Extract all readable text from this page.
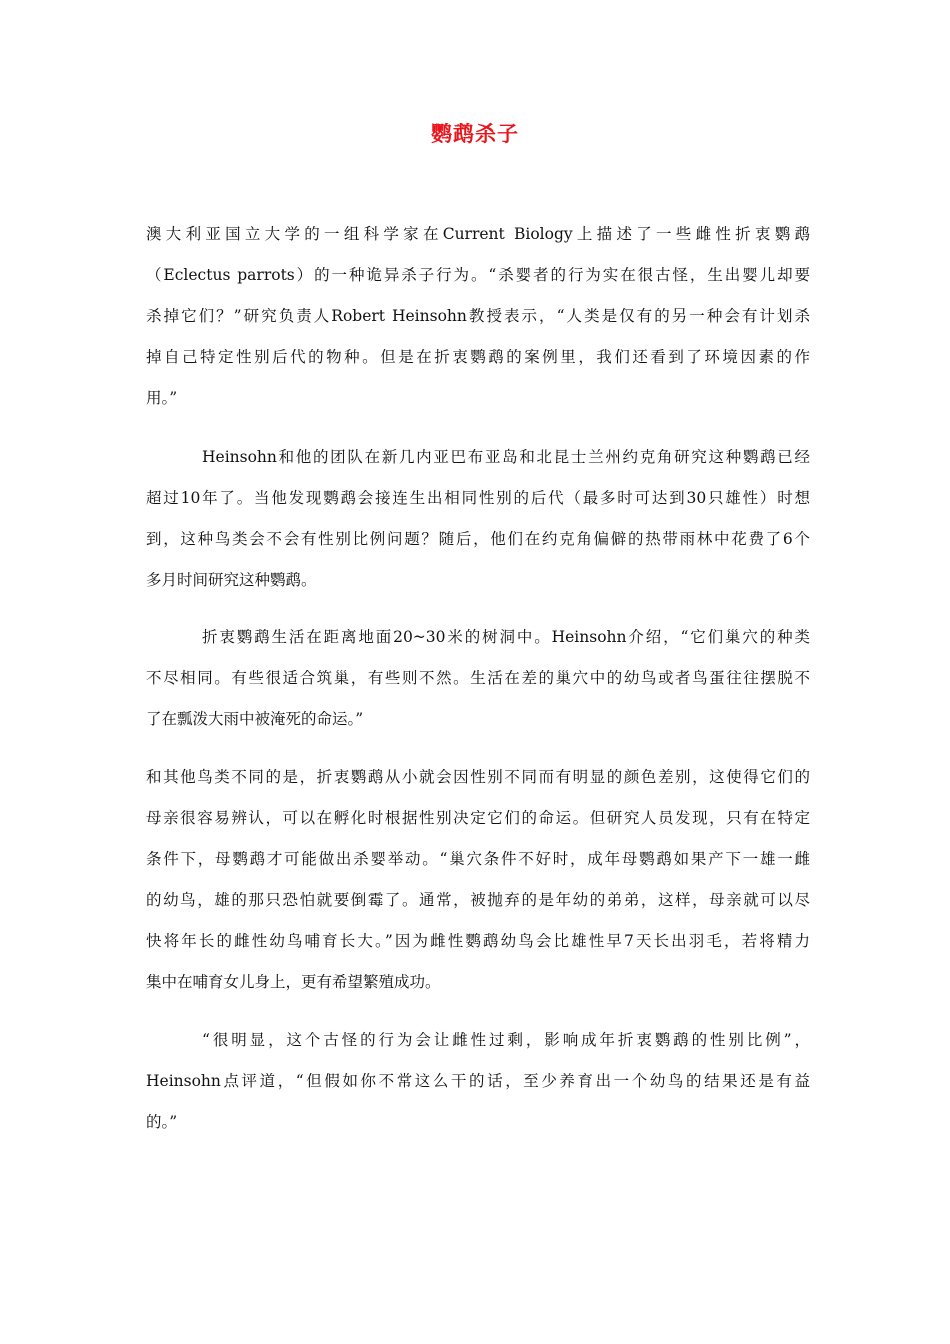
鹦鹉杀子
澳大利亚国立大学的一组科学家在Current Biology上描述了一些雌性折衷鹦鹉
（Eclectus parrots）的一种诡异杀子行为。“杀婴者的行为实在很古怪，生出婴儿却要
杀掉它们？”研究负责人Robert Heinsohn教授表示，“人类是仅有的另一种会有计划杀
掉自己特定性别后代的物种。但是在折衷鹦鹉的案例里，我们还看到了环境因素的作
用。”
Heinsohn和他的团队在新几内亚巴布亚岛和北昆士兰州约克角研究这种鹦鹉已经
超过10年了。当他发现鹦鹉会接连生出相同性别的后代（最多时可达到30只雄性）时想
到，这种鸟类会不会有性别比例问题？随后，他们在约克角偏僻的热带雨林中花费了6个
多月时间研究这种鹦鹉。
折衷鹦鹉生活在距离地面20~30米的树洞中。Heinsohn介绍，“它们巢穴的种类
不尽相同。有些很适合筑巢，有些则不然。生活在差的巢穴中的幼鸟或者鸟蛋往往摆脱不
了在瓢泼大雨中被淹死的命运。”
和其他鸟类不同的是，折衷鹦鹉从小就会因性别不同而有明显的颜色差别，这使得它们的
母亲很容易辨认，可以在孵化时根据性别决定它们的命运。但研究人员发现，只有在特定
条件下，母鹦鹉才可能做出杀婴举动。“巢穴条件不好时，成年母鹦鹉如果产下一雄一雌
的幼鸟，雄的那只恐怕就要倒霉了。通常，被抛弃的是年幼的弟弟，这样，母亲就可以尽
快将年长的雌性幼鸟哺育长大。”因为雌性鹦鹉幼鸟会比雄性早7天长出羽毛，若将精力
集中在哺育女儿身上，更有希望繁殖成功。
“很明显，这个古怪的行为会让雌性过剩，影响成年折衷鹦鹉的性别比例”，
Heinsohn点评道，“但假如你不常这么干的话，至少养育出一个幼鸟的结果还是有益
的。”
